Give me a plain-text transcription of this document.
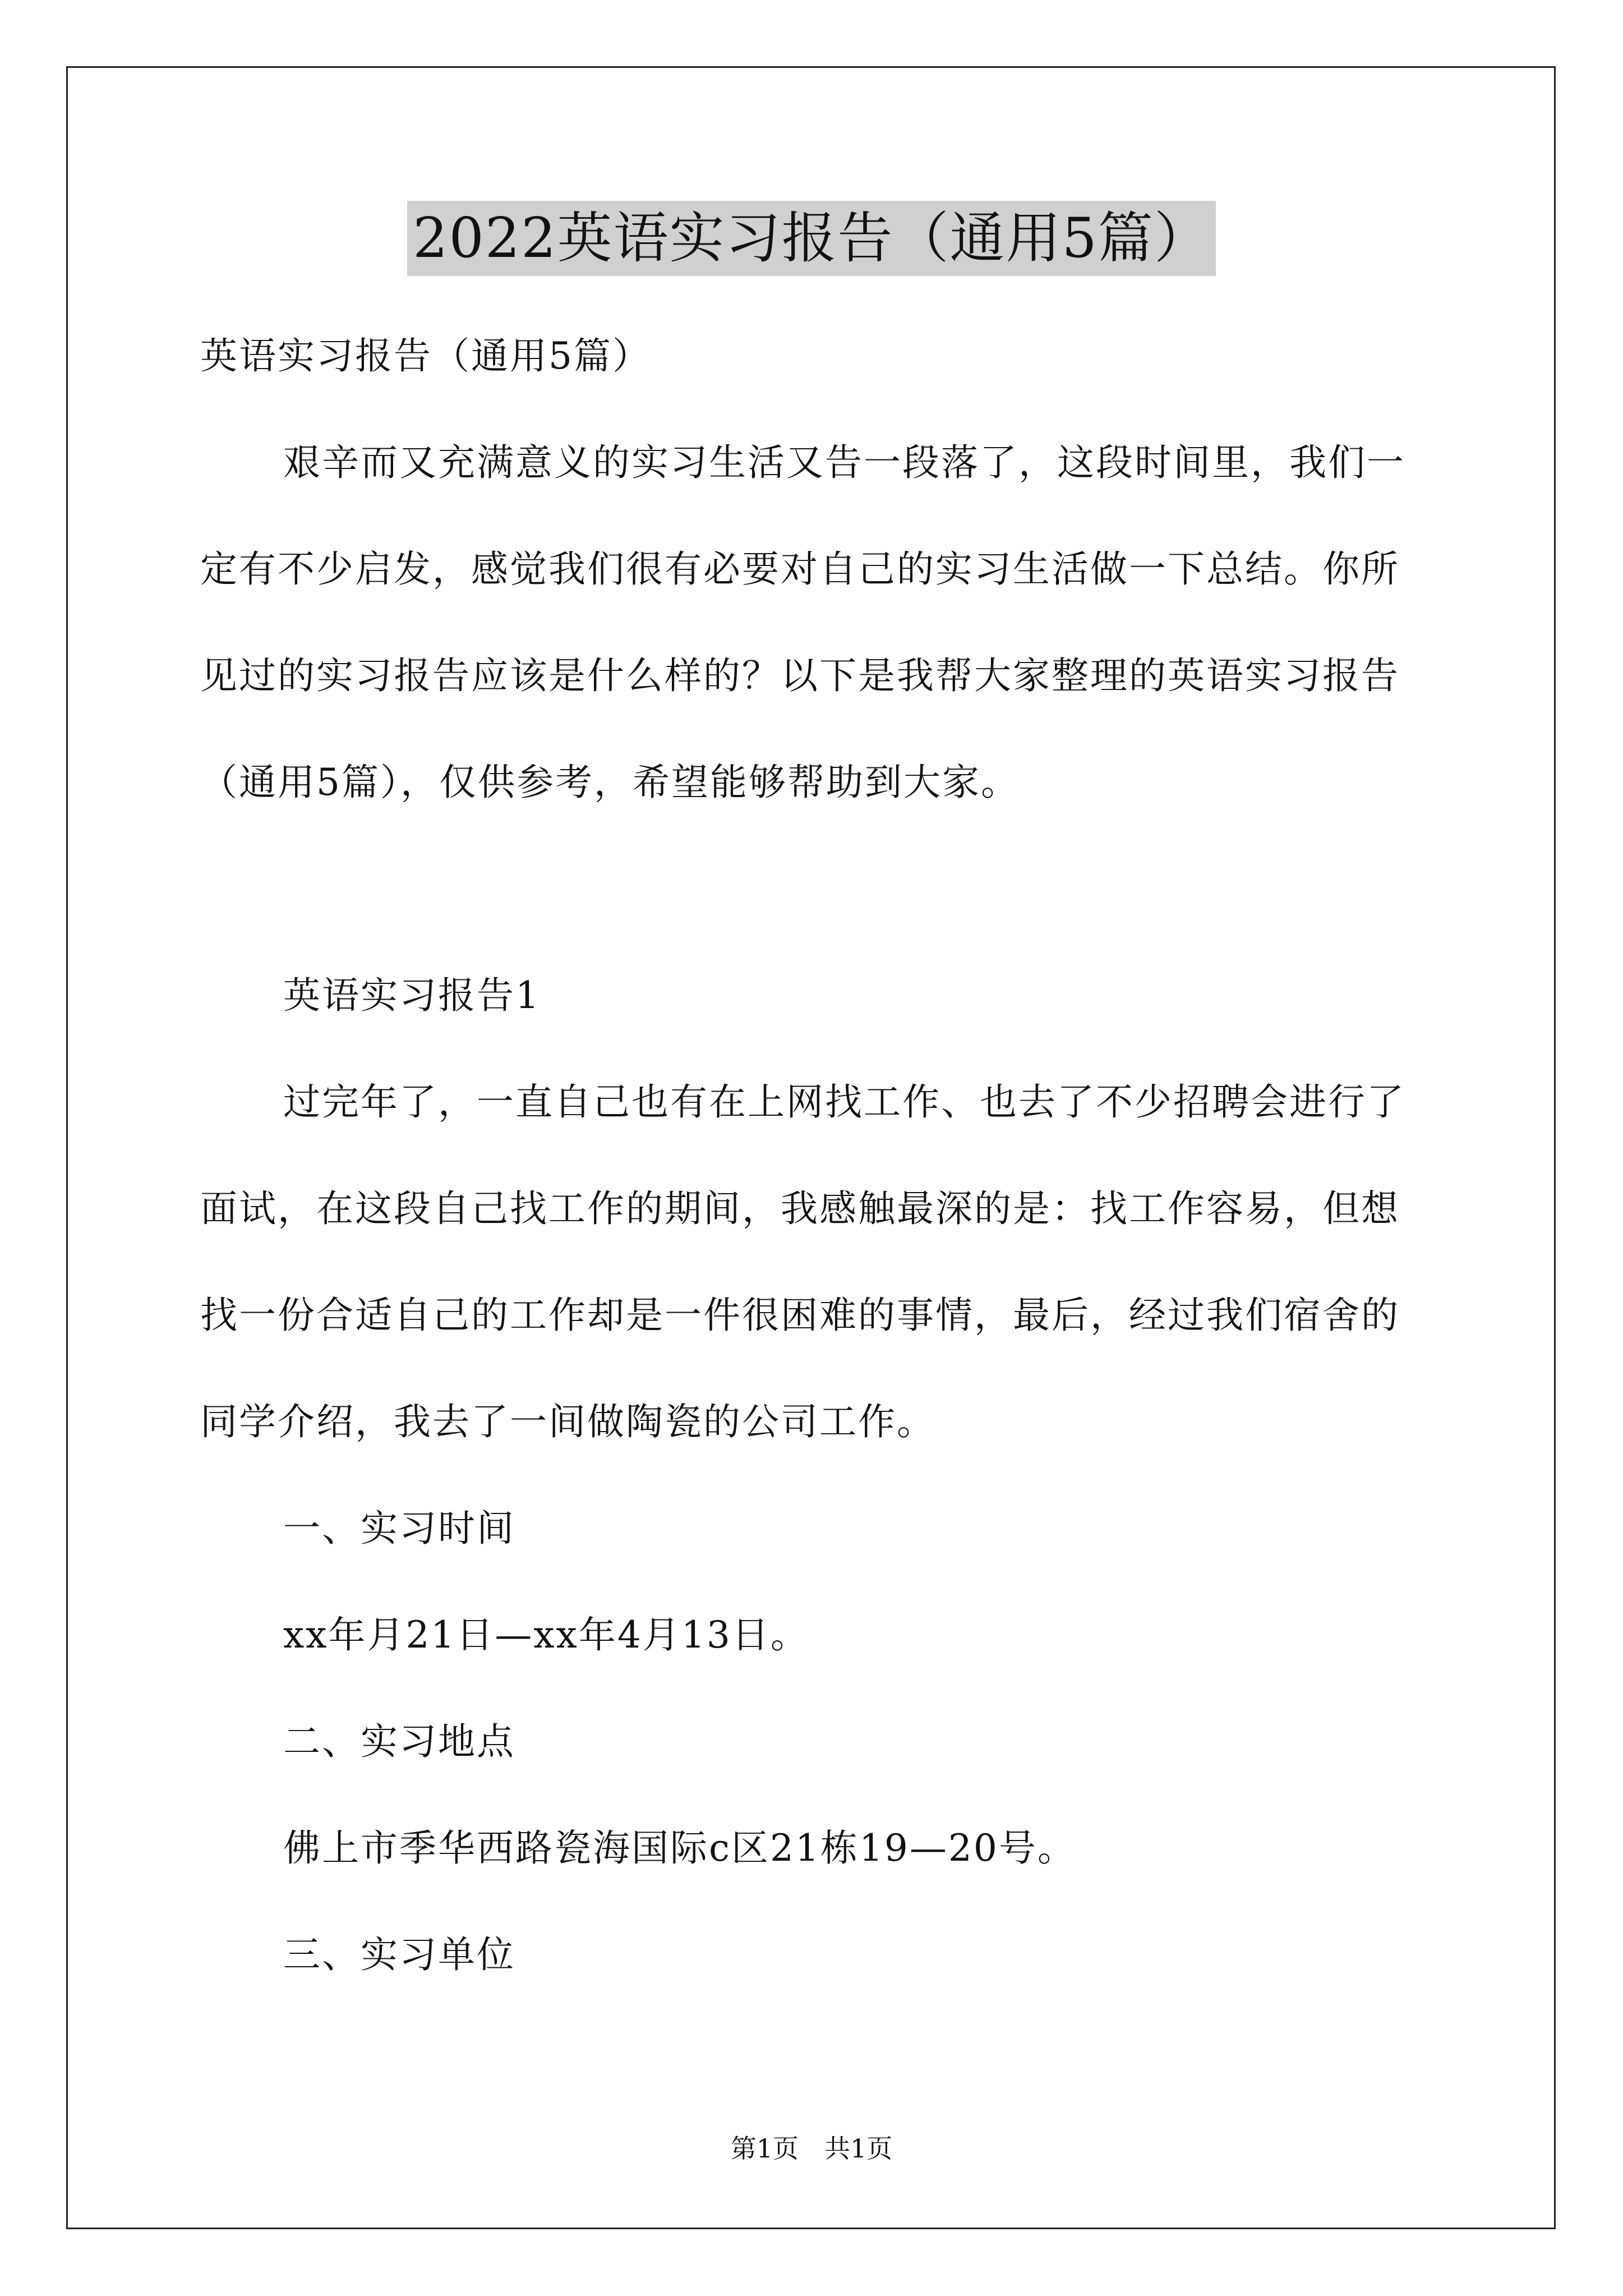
2022英语实习报告（通用5篇）

英语实习报告（通用5篇）

艰辛而又充满意义的实习生活又告一段落了，这段时间里，我们一定有不少启发，感觉我们很有必要对自己的实习生活做一下总结。你所见过的实习报告应该是什么样的？以下是我帮大家整理的英语实习报告（通用5篇），仅供参考，希望能够帮助到大家。

英语实习报告1

过完年了，一直自己也有在上网找工作、也去了不少招聘会进行了面试，在这段自己找工作的期间，我感触最深的是：找工作容易，但想找一份合适自己的工作却是一件很困难的事情，最后，经过我们宿舍的同学介绍，我去了一间做陶瓷的公司工作。

一、实习时间

xx年月21日—xx年4月13日。

二、实习地点

佛上市季华西路瓷海国际c区21栋19—20号。

三、实习单位

第1页　共1页
